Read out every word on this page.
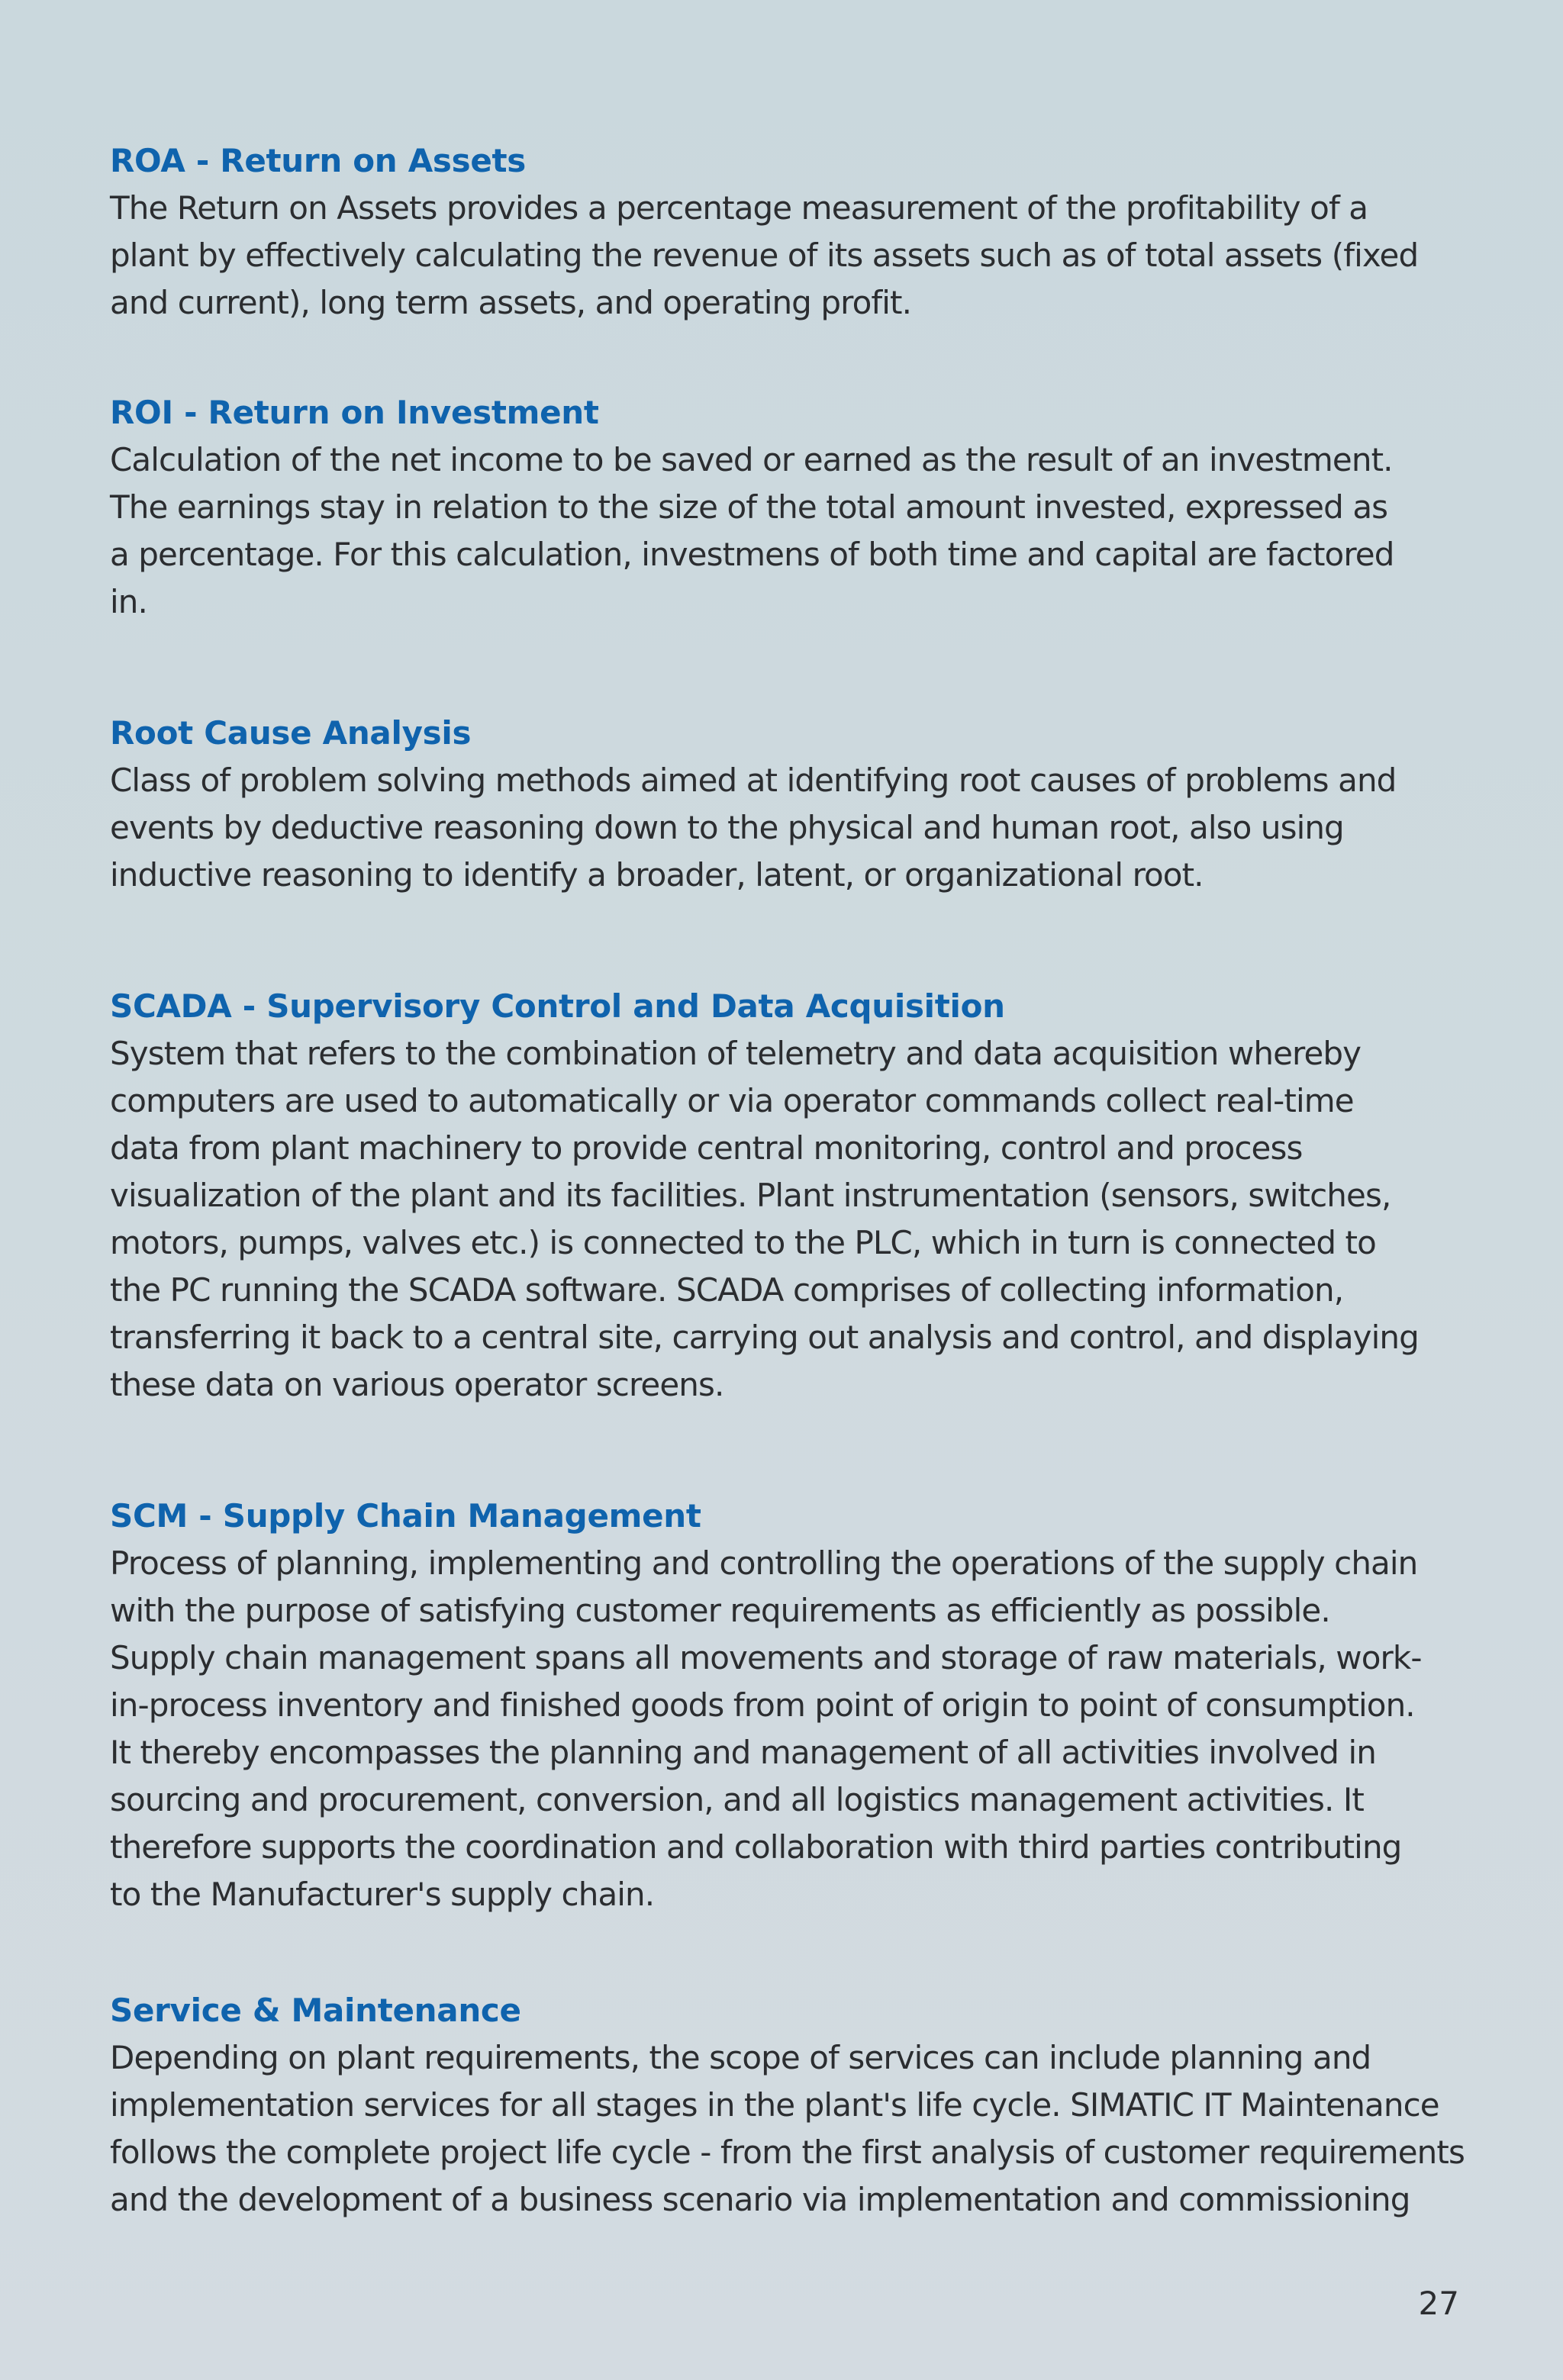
ROA - Return on Assets

The Return on Assets provides a percentage measurement of the profitability of a
plant by effectively calculating the revenue of its assets such as of total assets (fixed
and current), long term assets, and operating profit.

ROI - Return on Investment

Calculation of the net income to be saved or earned as the result of an investment.
The earnings stay in relation to the size of the total amount invested, expressed as
a percentage. For this calculation, investmens of both time and capital are factored
in.

Root Cause Analysis

Class of problem solving methods aimed at identifying root causes of problems and
events by deductive reasoning down to the physical and human root, also using
inductive reasoning to identify a broader, latent, or organizational root.

SCADA - Supervisory Control and Data Acquisition

System that refers to the combination of telemetry and data acquisition whereby
computers are used to automatically or via operator commands collect real-time
data from plant machinery to provide central monitoring, control and process
visualization of the plant and its facilities. Plant instrumentation (sensors, switches,
motors, pumps, valves etc.) is connected to the PLC, which in turn is connected to
the PC running the SCADA software. SCADA comprises of collecting information,
transferring it back to a central site, carrying out analysis and control, and displaying
these data on various operator screens.

SCM - Supply Chain Management

Process of planning, implementing and controlling the operations of the supply chain
with the purpose of satisfying customer requirements as efficiently as possible.
Supply chain management spans all movements and storage of raw materials, work-
in-process inventory and finished goods from point of origin to point of consumption.
It thereby encompasses the planning and management of all activities involved in
sourcing and procurement, conversion, and all logistics management activities. It
therefore supports the coordination and collaboration with third parties contributing
to the Manufacturer's supply chain.

Service & Maintenance

Depending on plant requirements, the scope of services can include planning and
implementation services for all stages in the plant's life cycle. SIMATIC IT Maintenance
follows the complete project life cycle - from the first analysis of customer requirements
and the development of a business scenario via implementation and commissioning

27
